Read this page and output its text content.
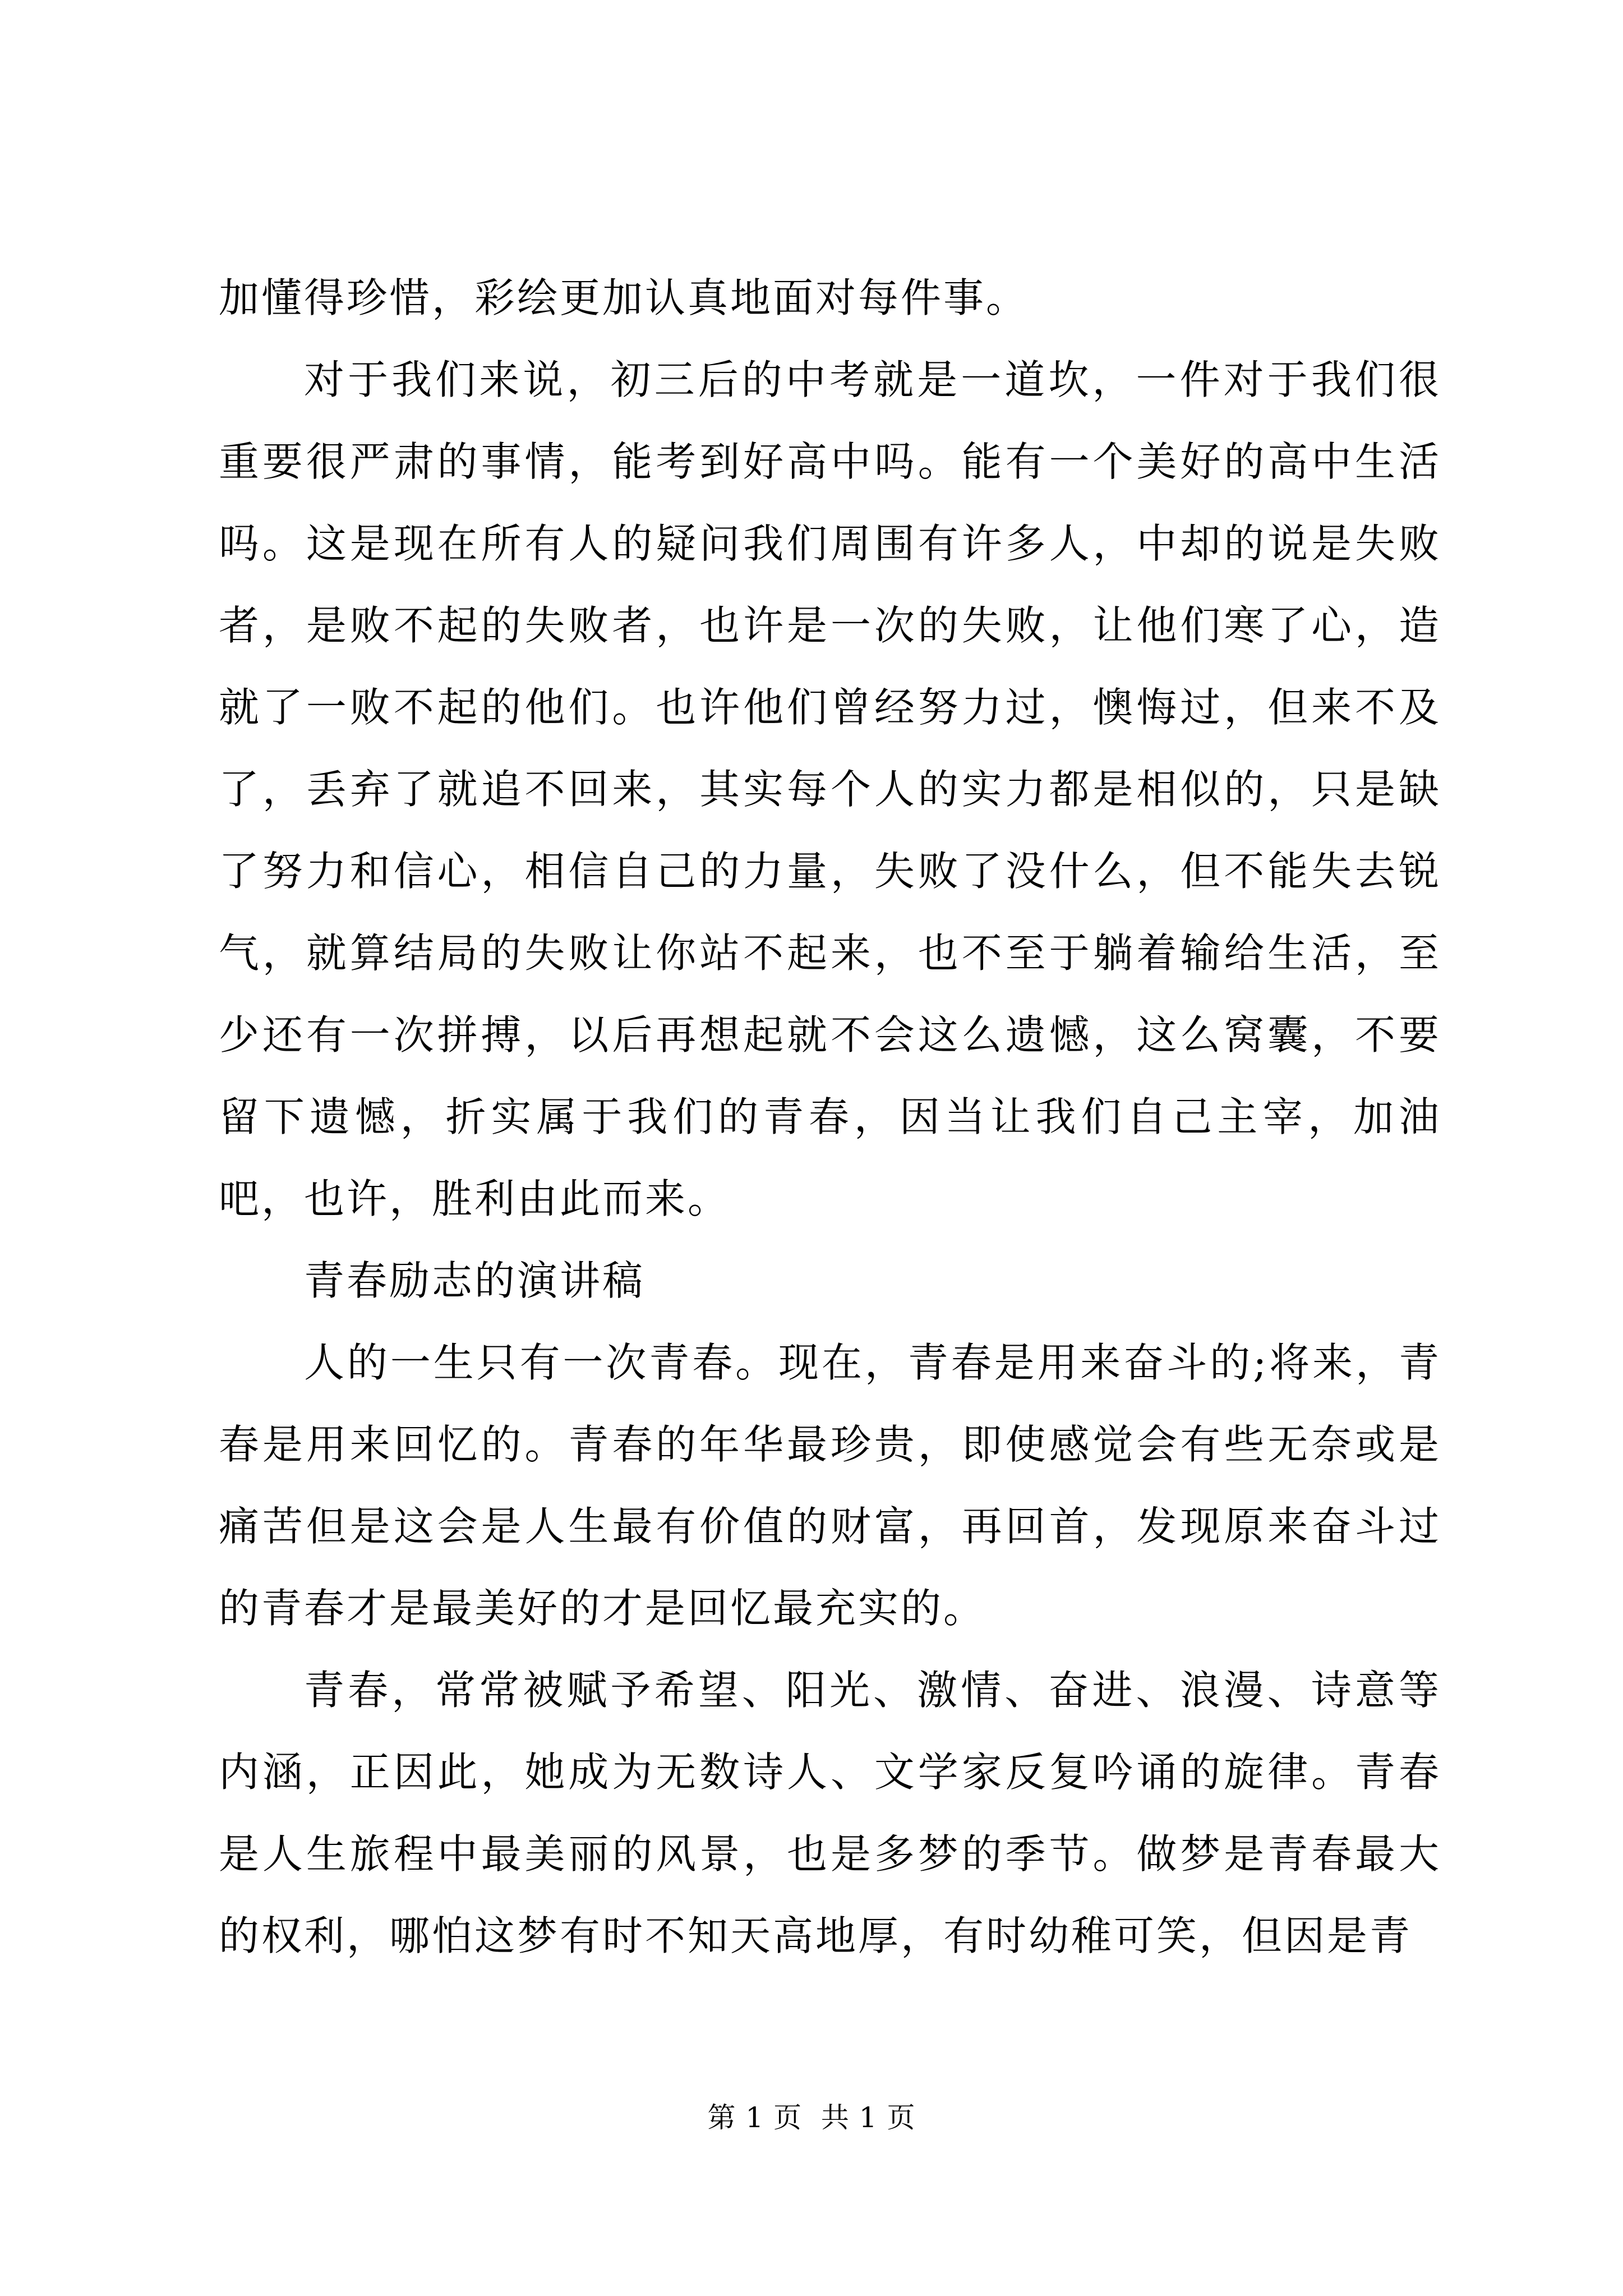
加懂得珍惜，彩绘更加认真地面对每件事。

对于我们来说，初三后的中考就是一道坎，一件对于我们很重要很严肃的事情，能考到好高中吗。能有一个美好的高中生活吗。这是现在所有人的疑问我们周围有许多人，中却的说是失败者，是败不起的失败者，也许是一次的失败，让他们寒了心，造就了一败不起的他们。也许他们曾经努力过，懊悔过，但来不及了，丢弃了就追不回来，其实每个人的实力都是相似的，只是缺了努力和信心，相信自己的力量，失败了没什么，但不能失去锐气，就算结局的失败让你站不起来，也不至于躺着输给生活，至少还有一次拼搏，以后再想起就不会这么遗憾，这么窝囊，不要留下遗憾，折实属于我们的青春，因当让我们自己主宰，加油吧，也许，胜利由此而来。

青春励志的演讲稿

人的一生只有一次青春。现在，青春是用来奋斗的;将来，青春是用来回忆的。青春的年华最珍贵，即使感觉会有些无奈或是痛苦但是这会是人生最有价值的财富，再回首，发现原来奋斗过的青春才是最美好的才是回忆最充实的。

青春，常常被赋予希望、阳光、激情、奋进、浪漫、诗意等内涵，正因此，她成为无数诗人、文学家反复吟诵的旋律。青春是人生旅程中最美丽的风景，也是多梦的季节。做梦是青春最大的权利，哪怕这梦有时不知天高地厚，有时幼稚可笑，但因是青

第 1 页  共 1 页
